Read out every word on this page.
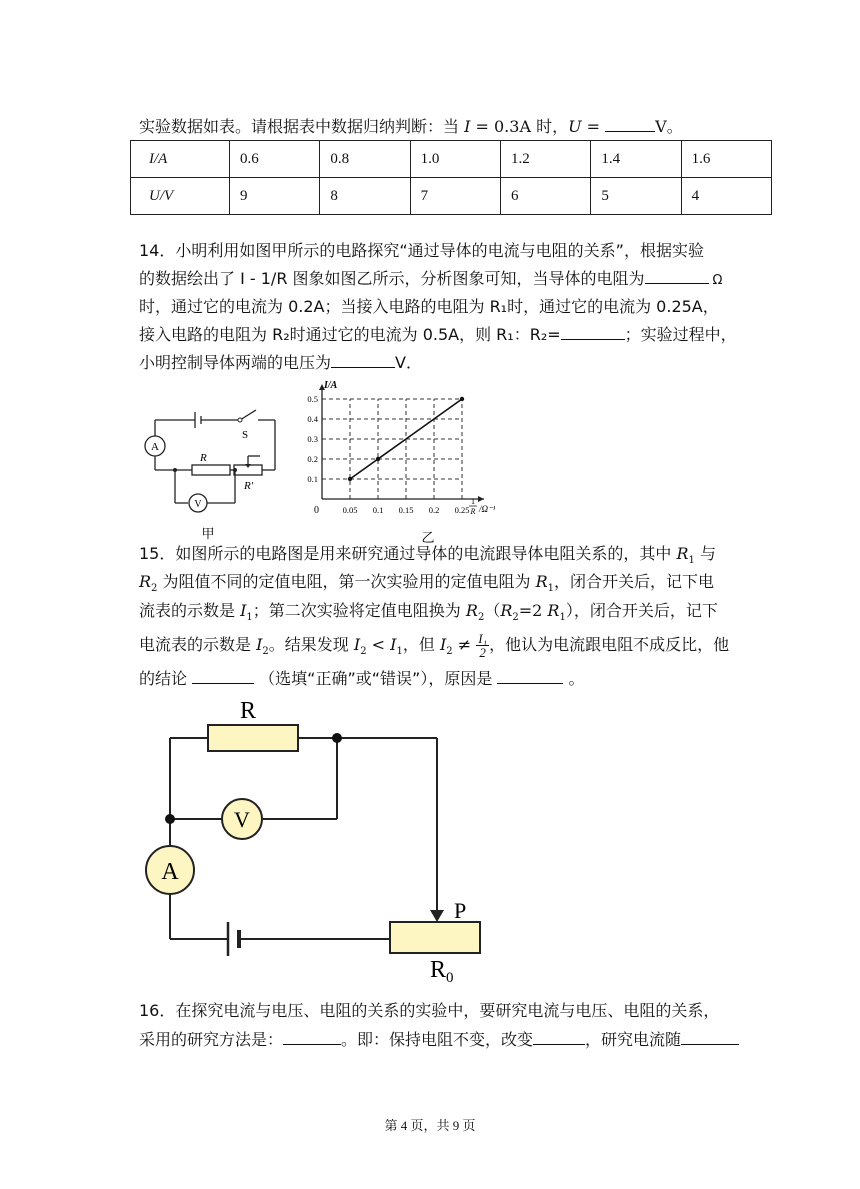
实验数据如表。请根据表中数据归纳判断：当 I = 0.3A 时，U =	V。
I/A	0.6	0.8	1.0	1.2	1.4	1.6
U/V	9	8	7	6	5	4
14．小明利用如图甲所示的电路探究“通过导体的电流与电阻的关系”，根据实验
的数据绘出了 I - 1/R 图象如图乙所示，分析图象可知，当导体的电阻为	Ω
时，通过它的电流为 0.2A；当接入电路的电阻为 R₁时，通过它的电流为 0.25A，
接入电路的电阻为 R₂时通过它的电流为 0.5A，则 R₁：R₂=	；实验过程中，
小明控制导体两端的电压为	V．
A
V
S
R
R'
甲
0.05 0.1 0.15 0.2 0.25
0.1
0.2
0.3
0.4
0.5
I/A
1
R /Ω⁻¹
0
乙
15．如图所示的电路图是用来研究通过导体的电流跟导体电阻关系的，其中 $R_1$ 与
$R_2$ 为阻值不同的定值电阻，第一次实验用的定值电阻为 $R_1$，闭合开关后，记下电
流表的示数是 $I_1$；第二次实验将定值电阻换为 $R_2(R_2=2$ $R_1$），闭合开关后，记下
电流表的示数是 $I_2$。结果发现 $I_2 < I_1$，但 $I_2 \ne \frac{\text{I₁}}{2}$ ，他认为电流跟电阻不成反比，他
的结论	（选填“正确”或“错误”），原因是	。
R
V
A
P
$R_0$
16．在探究电流与电压、电阻的关系的实验中，要研究电流与电压、电阻的关系，
采用的研究方法是：	。即：保持电阻不变，改变	，研究电流随
第 4 页，共 9 页
